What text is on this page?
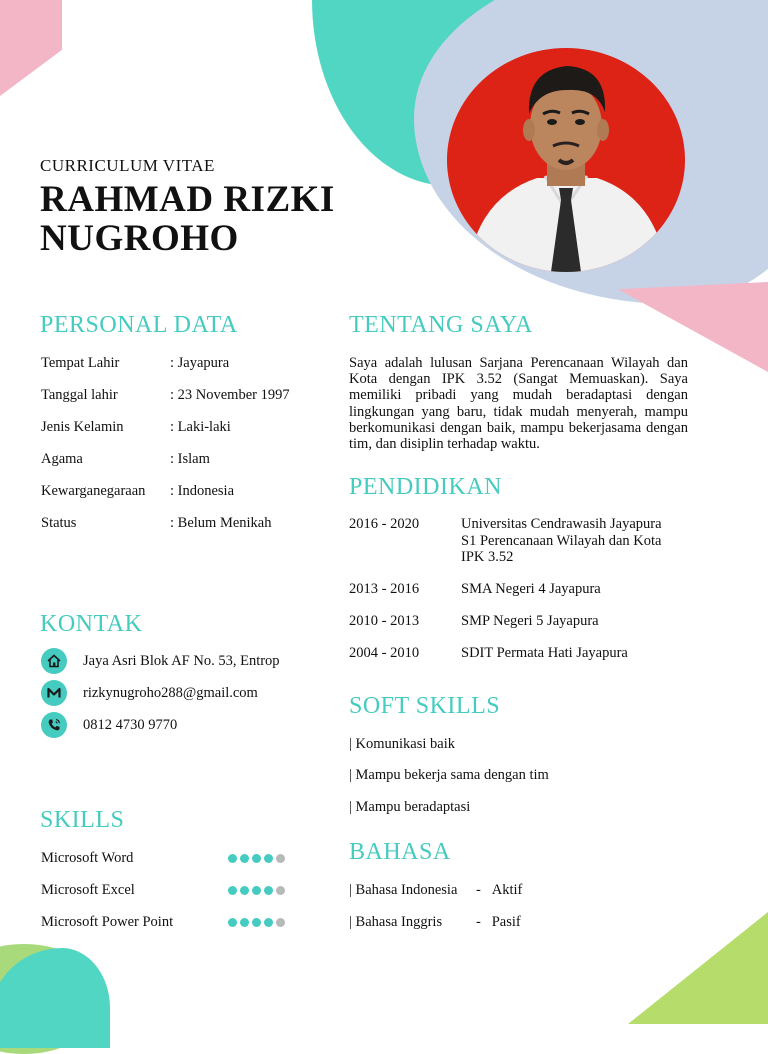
CURRICULUM VITAE
RAHMAD RIZKI
NUGROHO
PERSONAL DATA
Tempat Lahir	: Jayapura
Tanggal lahir	: 23 November 1997
Jenis Kelamin	: Laki-laki
Agama	: Islam
Kewarganegaraan : Indonesia
Status	: Belum Menikah
KONTAK
Jaya Asri Blok AF No. 53, Entrop
rizkynugroho288@gmail.com
0812 4730 9770
SKILLS
Microsoft Word
Microsoft Excel
Microsoft Power Point
TENTANG SAYA

Saya adalah lulusan Sarjana Perencanaan Wilayah dan Kota dengan IPK 3.52 (Sangat Memuaskan). Saya memiliki pribadi yang mudah beradaptasi dengan lingkungan yang baru, tidak mudah menyerah, mampu berkomunikasi dengan baik, mampu bekerjasama dengan tim, dan disiplin terhadap waktu.

PENDIDIKAN
2016 - 2020	Universitas Cendrawasih Jayapura
S1 Perencanaan Wilayah dan Kota
IPK 3.52
2013 - 2016	SMA Negeri 4 Jayapura
2010 - 2013	SMP Negeri 5 Jayapura
2004 - 2010	SDIT Permata Hati Jayapura
SOFT SKILLS
| Komunikasi baik
| Mampu bekerja sama dengan tim
| Mampu beradaptasi
BAHASA
| Bahasa Indonesia - Aktif
| Bahasa Inggris - Pasif
